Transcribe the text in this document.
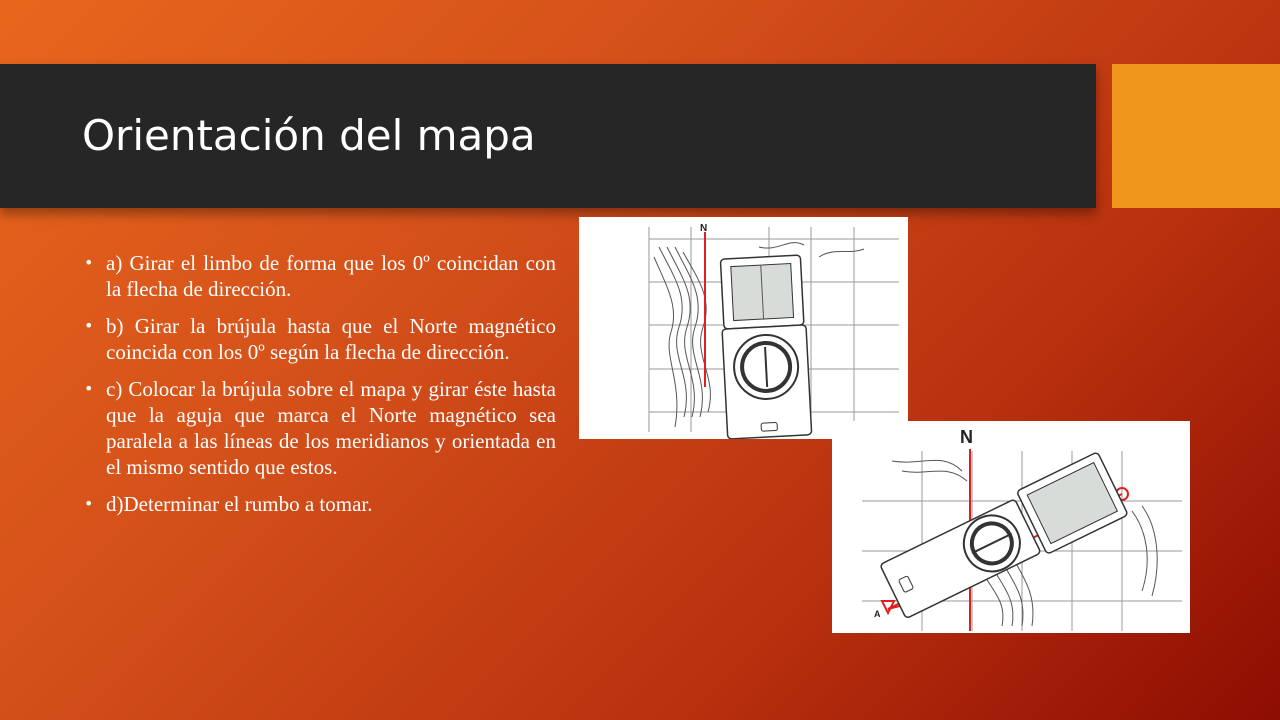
Orientación del mapa
• a) Girar el limbo de forma que los 0º coincidan con la flecha de dirección.
• b) Girar la brújula hasta que el Norte magnético coincida con los 0º según la flecha de dirección.
• c) Colocar la brújula sobre el mapa y girar éste hasta que la aguja que marca el Norte magnético sea paralela a las líneas de los meridianos y orientada en el mismo sentido que estos.
• d)Determinar el rumbo a tomar.
N
N
A
